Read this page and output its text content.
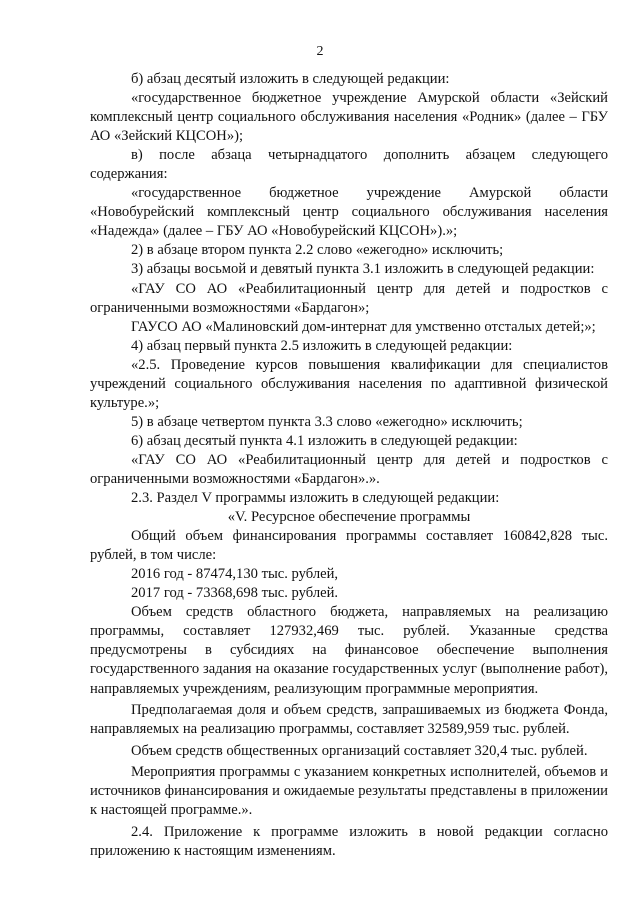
2

б) абзац десятый изложить в следующей редакции:

«государственное бюджетное учреждение Амурской области «Зейский комплексный центр социального обслуживания населения «Родник» (далее – ГБУ АО «Зейский КЦСОН»);

в) после абзаца четырнадцатого дополнить абзацем следующего содержания:

«государственное бюджетное учреждение Амурской области «Новобурейский комплексный центр социального обслуживания населения «Надежда» (далее – ГБУ АО «Новобурейский КЦСОН»).»;

2) в абзаце втором пункта 2.2 слово «ежегодно» исключить;

3) абзацы восьмой и девятый пункта 3.1 изложить в следующей редакции:

«ГАУ СО АО «Реабилитационный центр для детей и подростков с ограниченными возможностями «Бардагон»;

ГАУСО АО «Малиновский дом-интернат для умственно отсталых детей;»;

4) абзац первый пункта 2.5 изложить в следующей редакции:

«2.5. Проведение курсов повышения квалификации для специалистов учреждений социального обслуживания населения по адаптивной физической культуре.»;

5) в абзаце четвертом пункта 3.3 слово «ежегодно» исключить;

6) абзац десятый пункта 4.1 изложить в следующей редакции:

«ГАУ СО АО «Реабилитационный центр для детей и подростков с ограниченными возможностями «Бардагон».».

2.3. Раздел V программы изложить в следующей редакции:

«V. Ресурсное обеспечение программы

Общий объем финансирования программы составляет 160842,828 тыс. рублей, в том числе:

2016 год - 87474,130 тыс. рублей,

2017 год - 73368,698 тыс. рублей.

Объем средств областного бюджета, направляемых на реализацию программы, составляет 127932,469 тыс. рублей. Указанные средства предусмотрены в субсидиях на финансовое обеспечение выполнения государственного задания на оказание государственных услуг (выполнение работ), направляемых учреждениям, реализующим программные мероприятия.

Предполагаемая доля и объем средств, запрашиваемых из бюджета Фонда, направляемых на реализацию программы, составляет 32589,959 тыс. рублей.

Объем средств общественных организаций составляет 320,4 тыс. рублей.

Мероприятия программы с указанием конкретных исполнителей, объемов и источников финансирования и ожидаемые результаты представлены в приложении к настоящей программе.».

2.4. Приложение к программе изложить в новой редакции согласно приложению к настоящим изменениям.
